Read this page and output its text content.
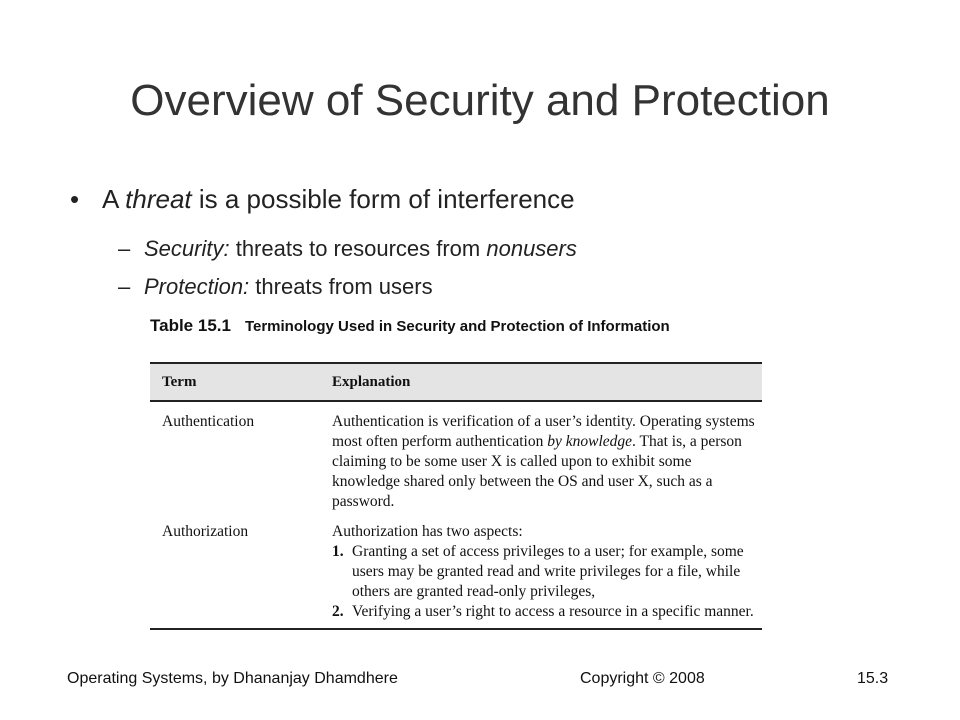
Overview of Security and Protection
• A threat is a possible form of interference
– Security: threats to resources from nonusers
– Protection: threats from users
Table 15.1 Terminology Used in Security and Protection of Information
Term	Explanation
Authentication	Authentication is verification of a user’s identity. Operating systems most often perform authentication by knowledge. That is, a person claiming to be some user X is called upon to exhibit some knowledge shared only between the OS and user X, such as a password.
Authorization	Authorization has two aspects:
1. Granting a set of access privileges to a user; for example, some users may be granted read and write privileges for a file, while others are granted read-only privileges,
2. Verifying a user’s right to access a resource in a specific manner.
Operating Systems, by Dhananjay Dhamdhere	Copyright © 2008	15.3
